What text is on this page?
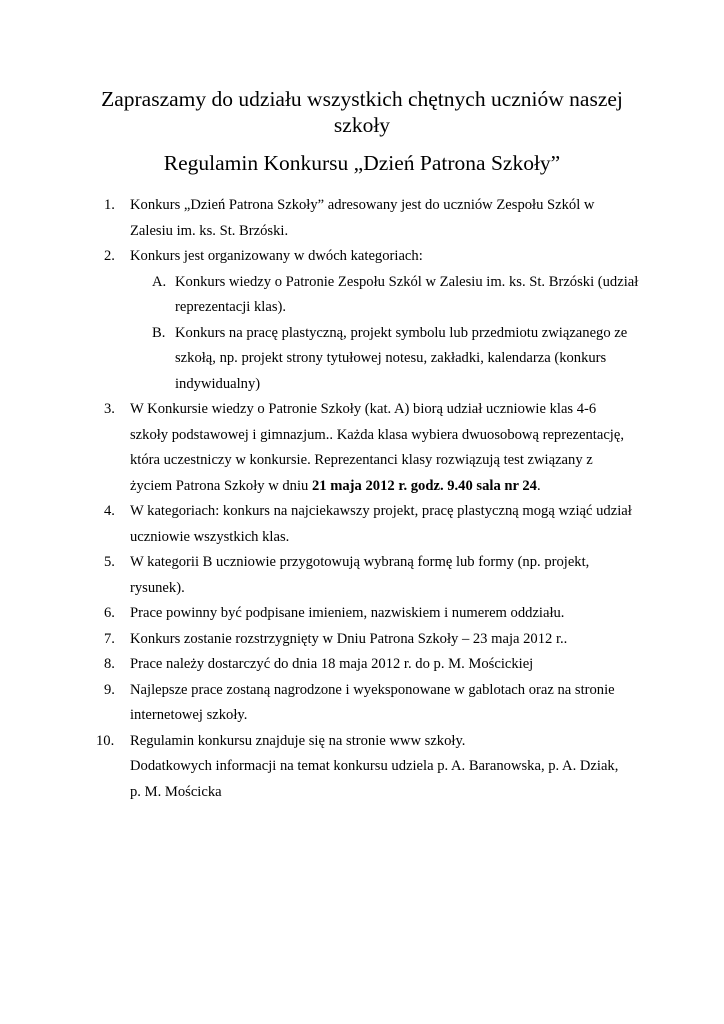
Zapraszamy do udziału wszystkich chętnych uczniów naszej
szkoły
Regulamin Konkursu „Dzień Patrona Szkoły”
1. Konkurs „Dzień Patrona Szkoły” adresowany jest do uczniów Zespołu Szkól w
Zalesiu im. ks. St. Brzóski.
2. Konkurs jest organizowany w dwóch kategoriach:
A. Konkurs wiedzy o Patronie Zespołu Szkól w Zalesiu im. ks. St. Brzóski (udział
reprezentacji klas).
B. Konkurs na pracę plastyczną, projekt symbolu lub przedmiotu związanego ze
szkołą, np. projekt strony tytułowej notesu, zakładki, kalendarza (konkurs
indywidualny)
3. W Konkursie wiedzy o Patronie Szkoły (kat. A) biorą udział uczniowie klas 4-6
szkoły podstawowej i gimnazjum.. Każda klasa wybiera dwuosobową reprezentację,
która uczestniczy w konkursie. Reprezentanci klasy rozwiązują test związany z
życiem Patrona Szkoły w dniu 21 maja 2012 r. godz. 9.40 sala nr 24.
4. W kategoriach: konkurs na najciekawszy projekt, pracę plastyczną mogą wziąć udział
uczniowie wszystkich klas.
5. W kategorii B uczniowie przygotowują wybraną formę lub formy (np. projekt,
rysunek).
6. Prace powinny być podpisane imieniem, nazwiskiem i numerem oddziału.
7. Konkurs zostanie rozstrzygnięty w Dniu Patrona Szkoły – 23 maja 2012 r..
8. Prace należy dostarczyć do dnia 18 maja 2012 r. do p. M. Mościckiej
9. Najlepsze prace zostaną nagrodzone i wyeksponowane w gablotach oraz na stronie
internetowej szkoły.
10. Regulamin konkursu znajduje się na stronie www szkoły.
Dodatkowych informacji na temat konkursu udziela p. A. Baranowska, p. A. Dziak,
p. M. Mościcka
